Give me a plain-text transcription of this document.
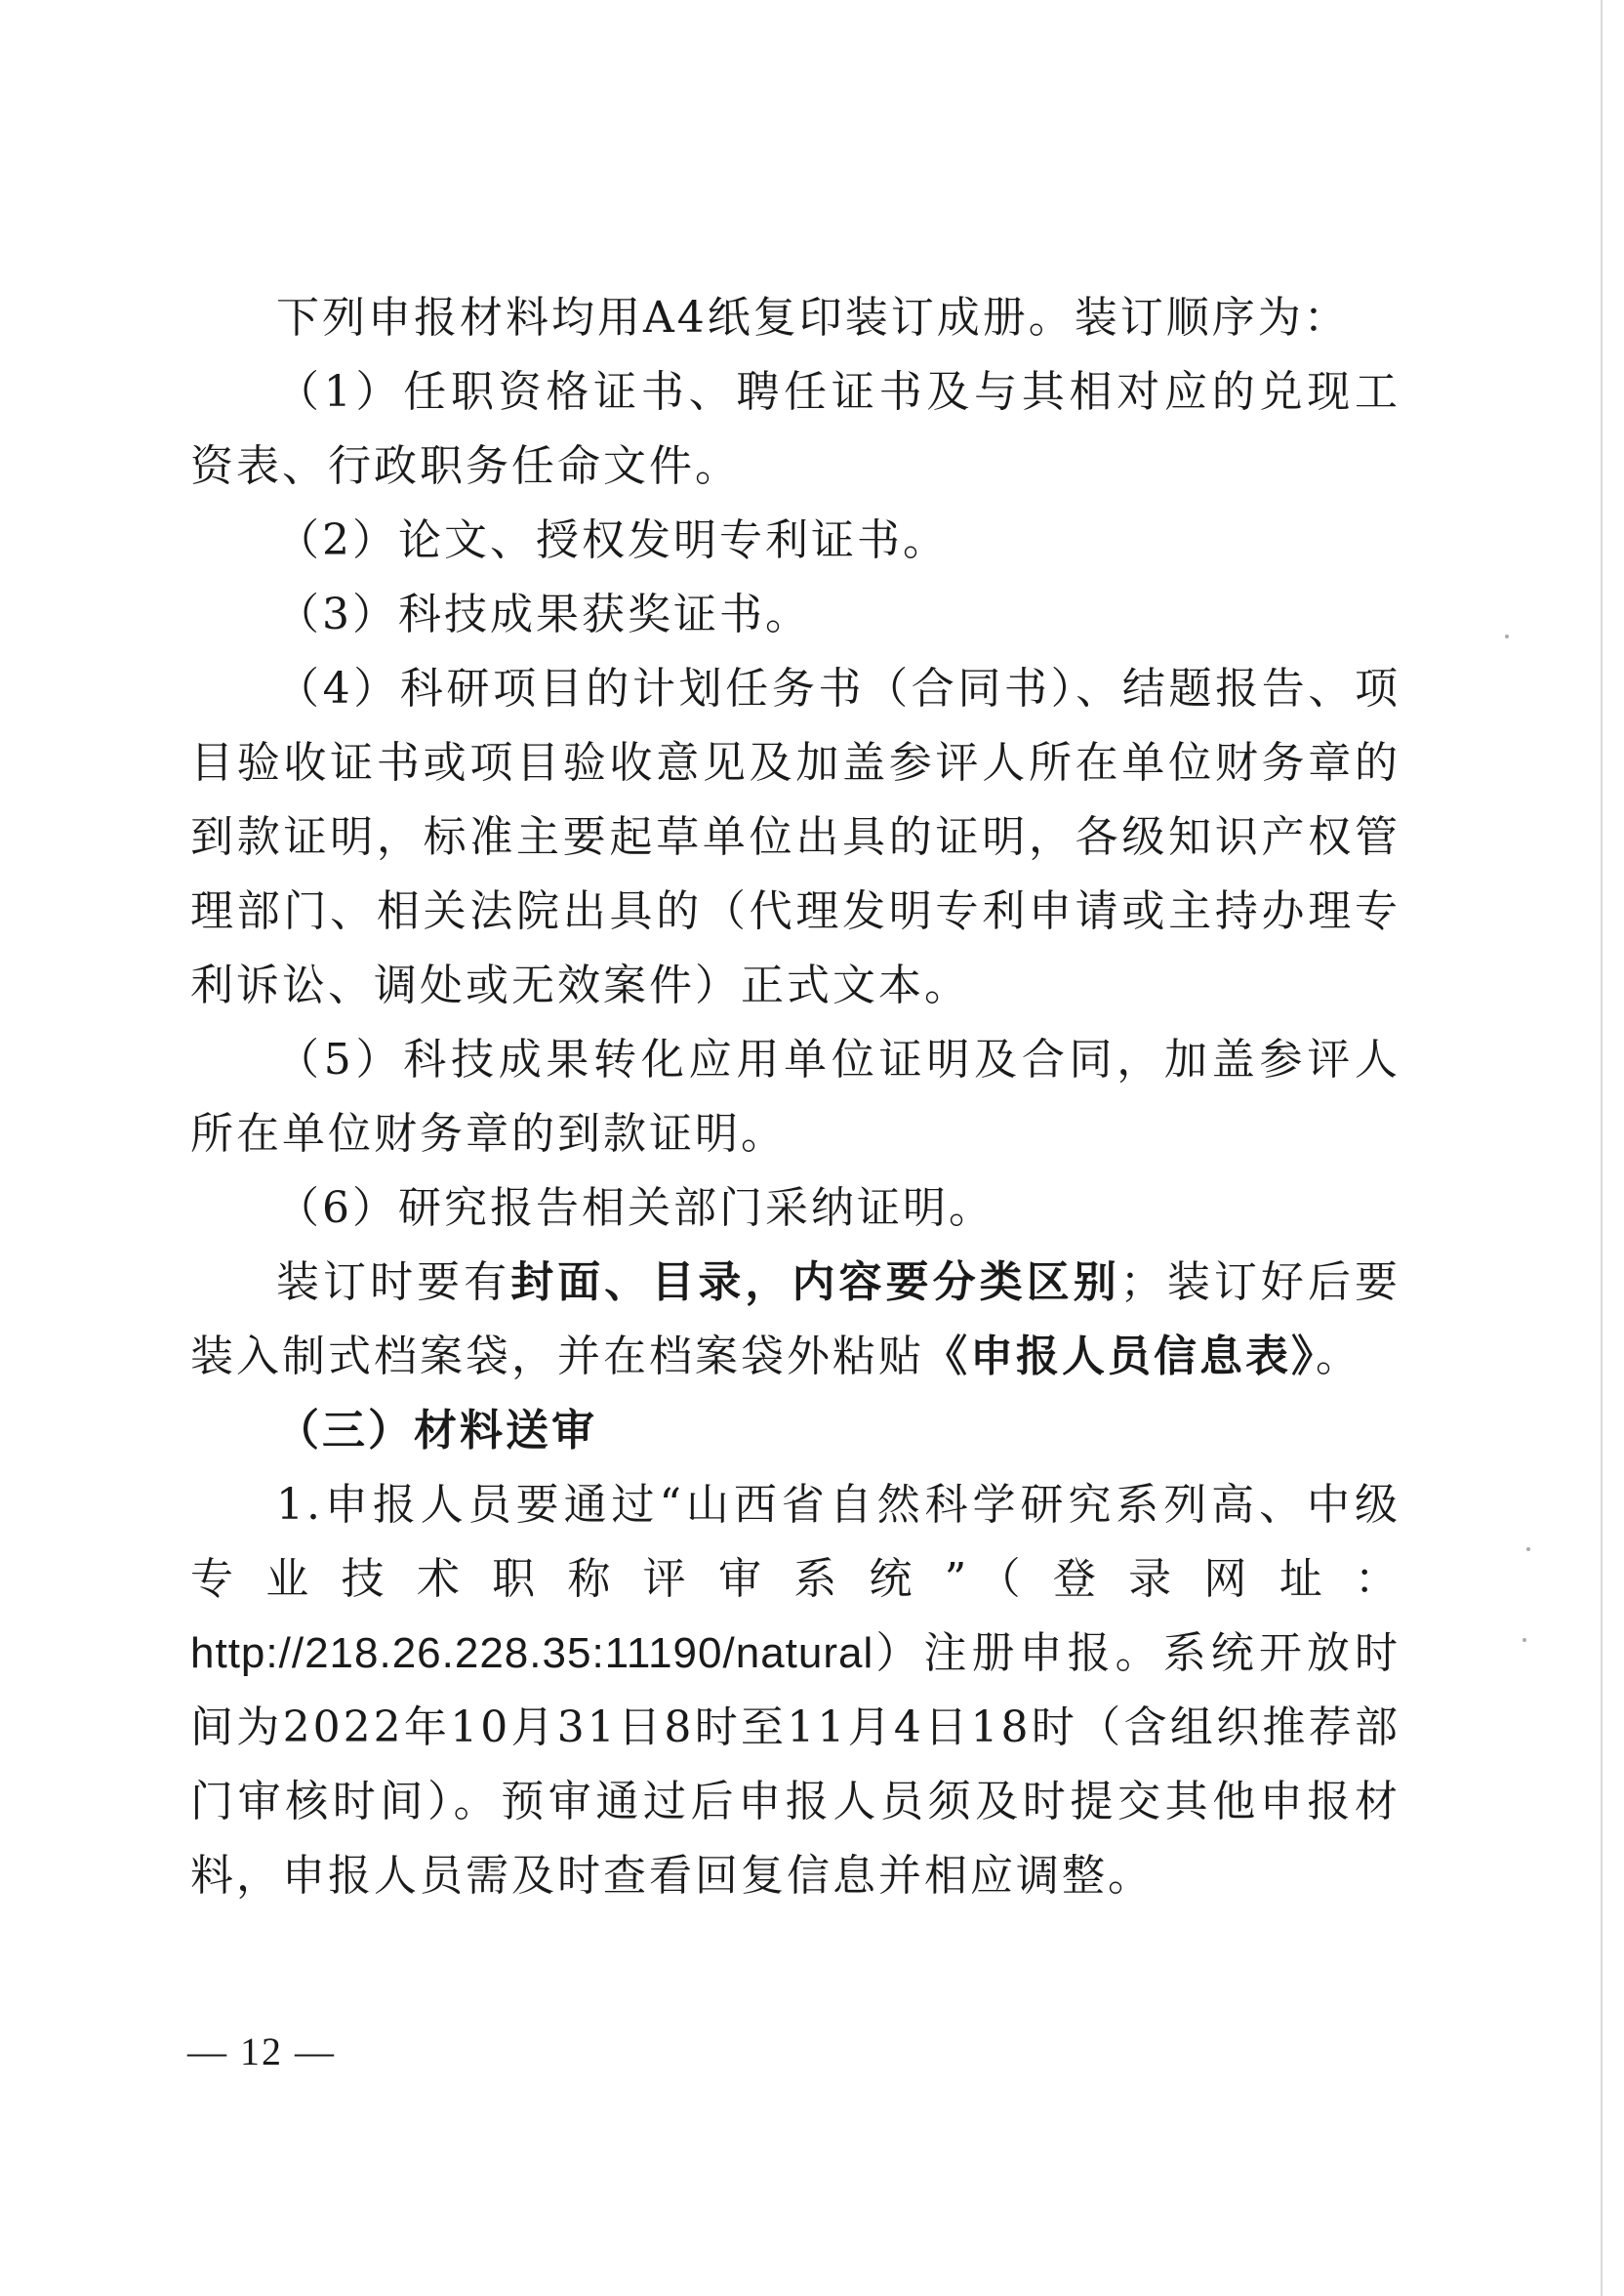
下列申报材料均用A4纸复印装订成册。装订顺序为：

（1）任职资格证书、聘任证书及与其相对应的兑现工资表、行政职务任命文件。

（2）论文、授权发明专利证书。

（3）科技成果获奖证书。

（4）科研项目的计划任务书（合同书）、结题报告、项目验收证书或项目验收意见及加盖参评人所在单位财务章的到款证明，标准主要起草单位出具的证明，各级知识产权管理部门、相关法院出具的（代理发明专利申请或主持办理专利诉讼、调处或无效案件）正式文本。

（5）科技成果转化应用单位证明及合同，加盖参评人所在单位财务章的到款证明。

（6）研究报告相关部门采纳证明。

装订时要有封面、目录，内容要分类区别；装订好后要装入制式档案袋，并在档案袋外粘贴《申报人员信息表》。

（三）材料送审

1.申报人员要通过“山西省自然科学研究系列高、中级专业技术职称评审系统”（登录网址：http://218.26.228.35:11190/natural）注册申报。系统开放时间为2022年10月31日8时至11月4日18时（含组织推荐部门审核时间）。预审通过后申报人员须及时提交其他申报材料，申报人员需及时查看回复信息并相应调整。

— 12 —
